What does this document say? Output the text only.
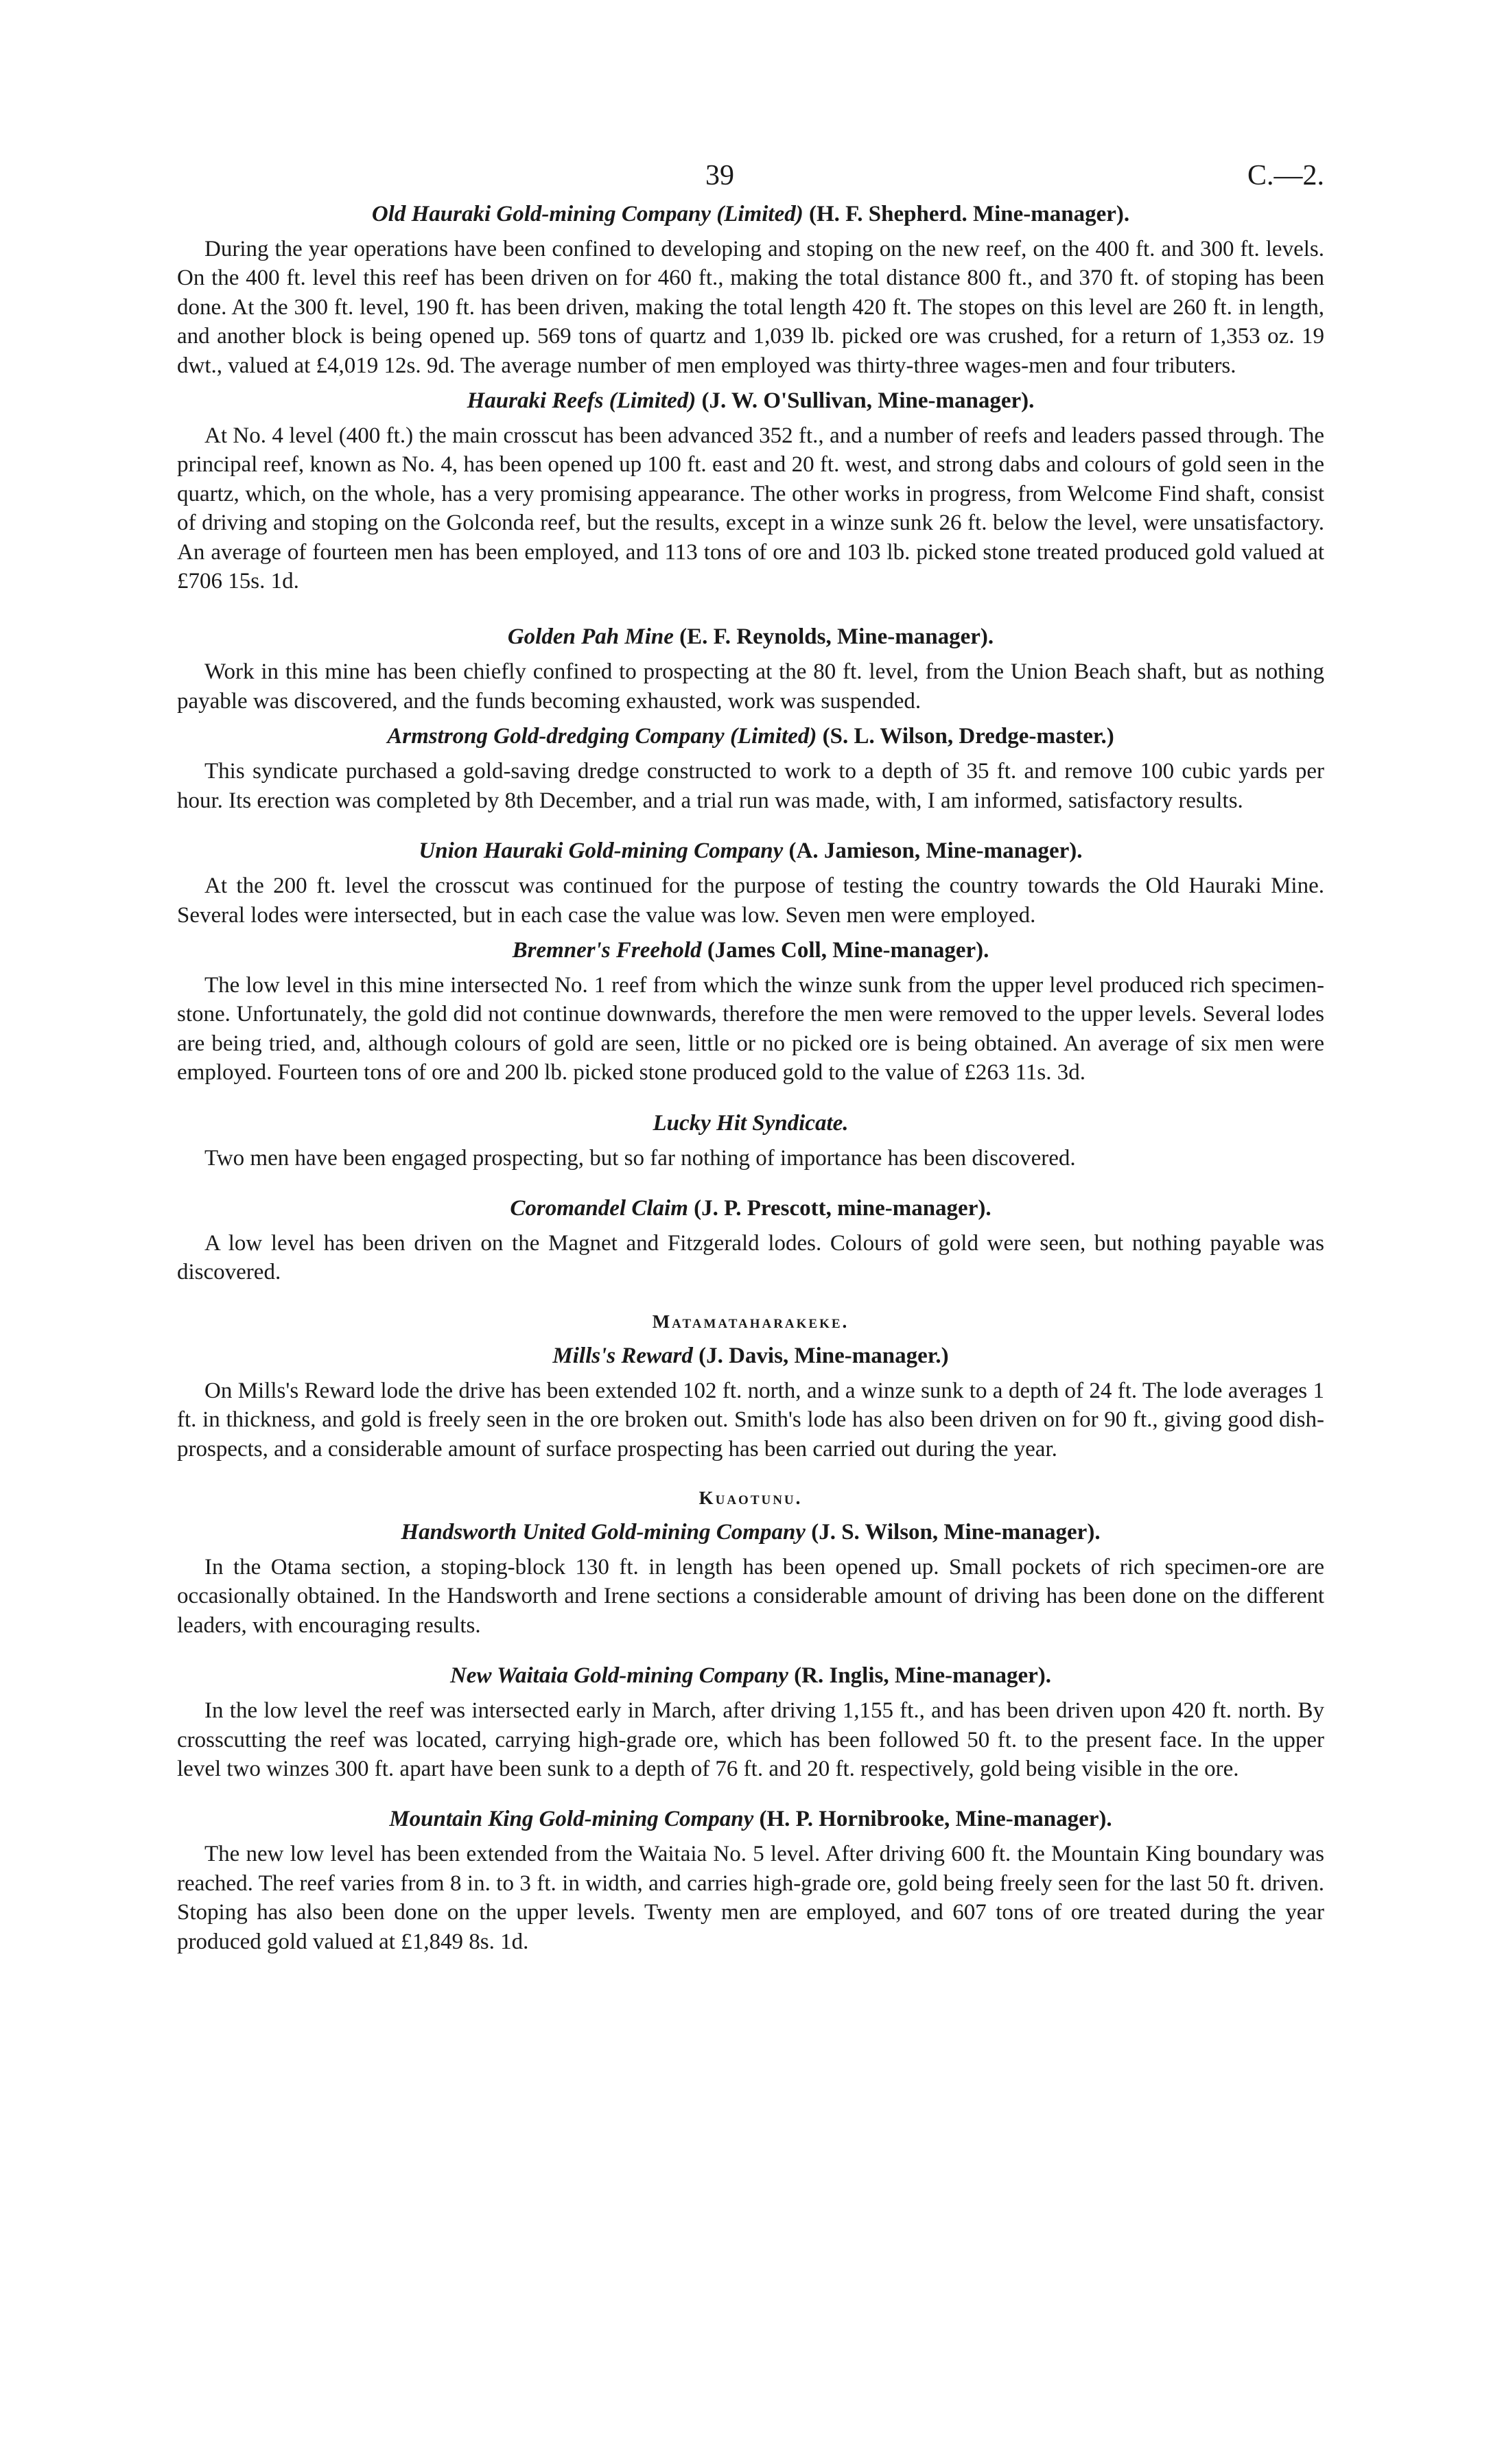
39	C.—2.
Old Hauraki Gold-mining Company (Limited) (H. F. Shepherd. Mine-manager).

During the year operations have been confined to developing and stoping on the new reef, on the 400 ft. and 300 ft. levels. On the 400 ft. level this reef has been driven on for 460 ft., making the total distance 800 ft., and 370 ft. of stoping has been done. At the 300 ft. level, 190 ft. has been driven, making the total length 420 ft. The stopes on this level are 260 ft. in length, and another block is being opened up. 569 tons of quartz and 1,039 lb. picked ore was crushed, for a return of 1,353 oz. 19 dwt., valued at £4,019 12s. 9d. The average number of men employed was thirty-three wages-men and four tributers.

Hauraki Reefs (Limited) (J. W. O'Sullivan, Mine-manager).

At No. 4 level (400 ft.) the main crosscut has been advanced 352 ft., and a number of reefs and leaders passed through. The principal reef, known as No. 4, has been opened up 100 ft. east and 20 ft. west, and strong dabs and colours of gold seen in the quartz, which, on the whole, has a very promising appearance. The other works in progress, from Welcome Find shaft, consist of driving and stoping on the Golconda reef, but the results, except in a winze sunk 26 ft. below the level, were unsatisfactory. An average of fourteen men has been employed, and 113 tons of ore and 103 lb. picked stone treated produced gold valued at £706 15s. 1d.

Golden Pah Mine (E. F. Reynolds, Mine-manager).

Work in this mine has been chiefly confined to prospecting at the 80 ft. level, from the Union Beach shaft, but as nothing payable was discovered, and the funds becoming exhausted, work was suspended.

Armstrong Gold-dredging Company (Limited) (S. L. Wilson, Dredge-master.)

This syndicate purchased a gold-saving dredge constructed to work to a depth of 35 ft. and remove 100 cubic yards per hour. Its erection was completed by 8th December, and a trial run was made, with, I am informed, satisfactory results.

Union Hauraki Gold-mining Company (A. Jamieson, Mine-manager).

At the 200 ft. level the crosscut was continued for the purpose of testing the country towards the Old Hauraki Mine. Several lodes were intersected, but in each case the value was low. Seven men were employed.

Bremner's Freehold (James Coll, Mine-manager).

The low level in this mine intersected No. 1 reef from which the winze sunk from the upper level produced rich specimen-stone. Unfortunately, the gold did not continue downwards, therefore the men were removed to the upper levels. Several lodes are being tried, and, although colours of gold are seen, little or no picked ore is being obtained. An average of six men were employed. Fourteen tons of ore and 200 lb. picked stone produced gold to the value of £263 11s. 3d.

Lucky Hit Syndicate.

Two men have been engaged prospecting, but so far nothing of importance has been discovered.

Coromandel Claim (J. P. Prescott, mine-manager).

A low level has been driven on the Magnet and Fitzgerald lodes. Colours of gold were seen, but nothing payable was discovered.

Matamataharakeke.
Mills's Reward (J. Davis, Mine-manager.)

On Mills's Reward lode the drive has been extended 102 ft. north, and a winze sunk to a depth of 24 ft. The lode averages 1 ft. in thickness, and gold is freely seen in the ore broken out. Smith's lode has also been driven on for 90 ft., giving good dish-prospects, and a considerable amount of surface prospecting has been carried out during the year.

Kuaotunu.
Handsworth United Gold-mining Company (J. S. Wilson, Mine-manager).

In the Otama section, a stoping-block 130 ft. in length has been opened up. Small pockets of rich specimen-ore are occasionally obtained. In the Handsworth and Irene sections a considerable amount of driving has been done on the different leaders, with encouraging results.

New Waitaia Gold-mining Company (R. Inglis, Mine-manager).

In the low level the reef was intersected early in March, after driving 1,155 ft., and has been driven upon 420 ft. north. By crosscutting the reef was located, carrying high-grade ore, which has been followed 50 ft. to the present face. In the upper level two winzes 300 ft. apart have been sunk to a depth of 76 ft. and 20 ft. respectively, gold being visible in the ore.

Mountain King Gold-mining Company (H. P. Hornibrooke, Mine-manager).

The new low level has been extended from the Waitaia No. 5 level. After driving 600 ft. the Mountain King boundary was reached. The reef varies from 8 in. to 3 ft. in width, and carries high-grade ore, gold being freely seen for the last 50 ft. driven. Stoping has also been done on the upper levels. Twenty men are employed, and 607 tons of ore treated during the year produced gold valued at £1,849 8s. 1d.
